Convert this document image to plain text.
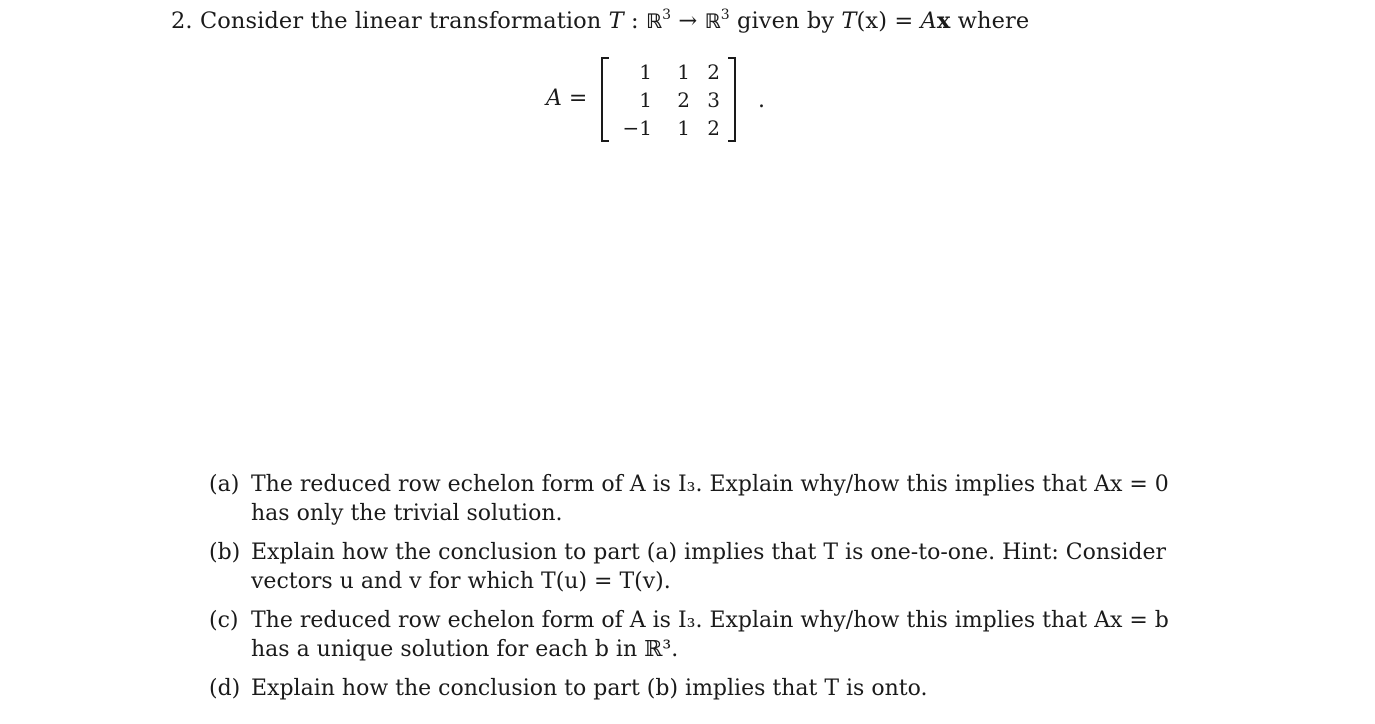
2. Consider the linear transformation T : ℝ$^3$ → ℝ$^3$ given by T(x) = Ax where
A =
1	1 2
1	2 3
−1	1 2
.
(a) The reduced row echelon form of A is I₃. Explain why/how this implies that Ax = 0
has only the trivial solution.
(b) Explain how the conclusion to part (a) implies that T is one-to-one. Hint: Consider
vectors u and v for which T(u) = T(v).
(c) The reduced row echelon form of A is I₃. Explain why/how this implies that Ax = b
has a unique solution for each b in ℝ³.
(d) Explain how the conclusion to part (b) implies that T is onto.
